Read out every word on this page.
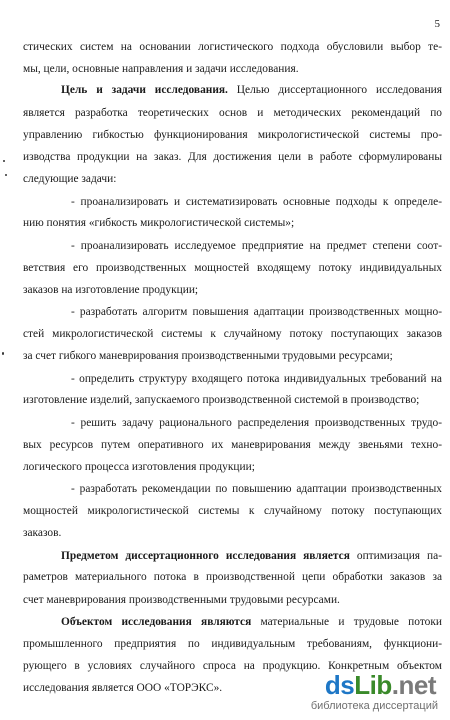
5
стических систем на основании логистического подхода обусловили выбор те-
мы, цели, основные направления и задачи исследования.
Цель и задачи исследования. Целью диссертационного исследования
является разработка теоретических основ и методических рекомендаций по
управлению гибкостью функционирования микрологистической системы про-
изводства продукции на заказ. Для достижения цели в работе сформулированы
следующие задачи:
- проанализировать и систематизировать основные подходы к определе-
нию понятия «гибкость микрологистической системы»;
- проанализировать исследуемое предприятие на предмет степени соот-
ветствия его производственных мощностей входящему потоку индивидуальных
заказов на изготовление продукции;
- разработать алгоритм повышения адаптации производственных мощно-
стей микрологистической системы к случайному потоку поступающих заказов
за счет гибкого маневрирования производственными трудовыми ресурсами;
- определить структуру входящего потока индивидуальных требований на
изготовление изделий, запускаемого производственной системой в производство;
- решить задачу рационального распределения производственных трудо-
вых ресурсов путем оперативного их маневрирования между звеньями техно-
логического процесса изготовления продукции;
- разработать рекомендации по повышению адаптации производственных
мощностей микрологистической системы к случайному потоку поступающих
заказов.
Предметом диссертационного исследования является оптимизация па-
раметров материального потока в производственной цепи обработки заказов за
счет маневрирования производственными трудовыми ресурсами.
Объектом исследования являются материальные и трудовые потоки
промышленного предприятия по индивидуальным требованиям, функциони-
рующего в условиях случайного спроса на продукцию. Конкретным объектом
исследования является ООО «ТОРЭКС».	dsLib.net
библиотека диссертаций
